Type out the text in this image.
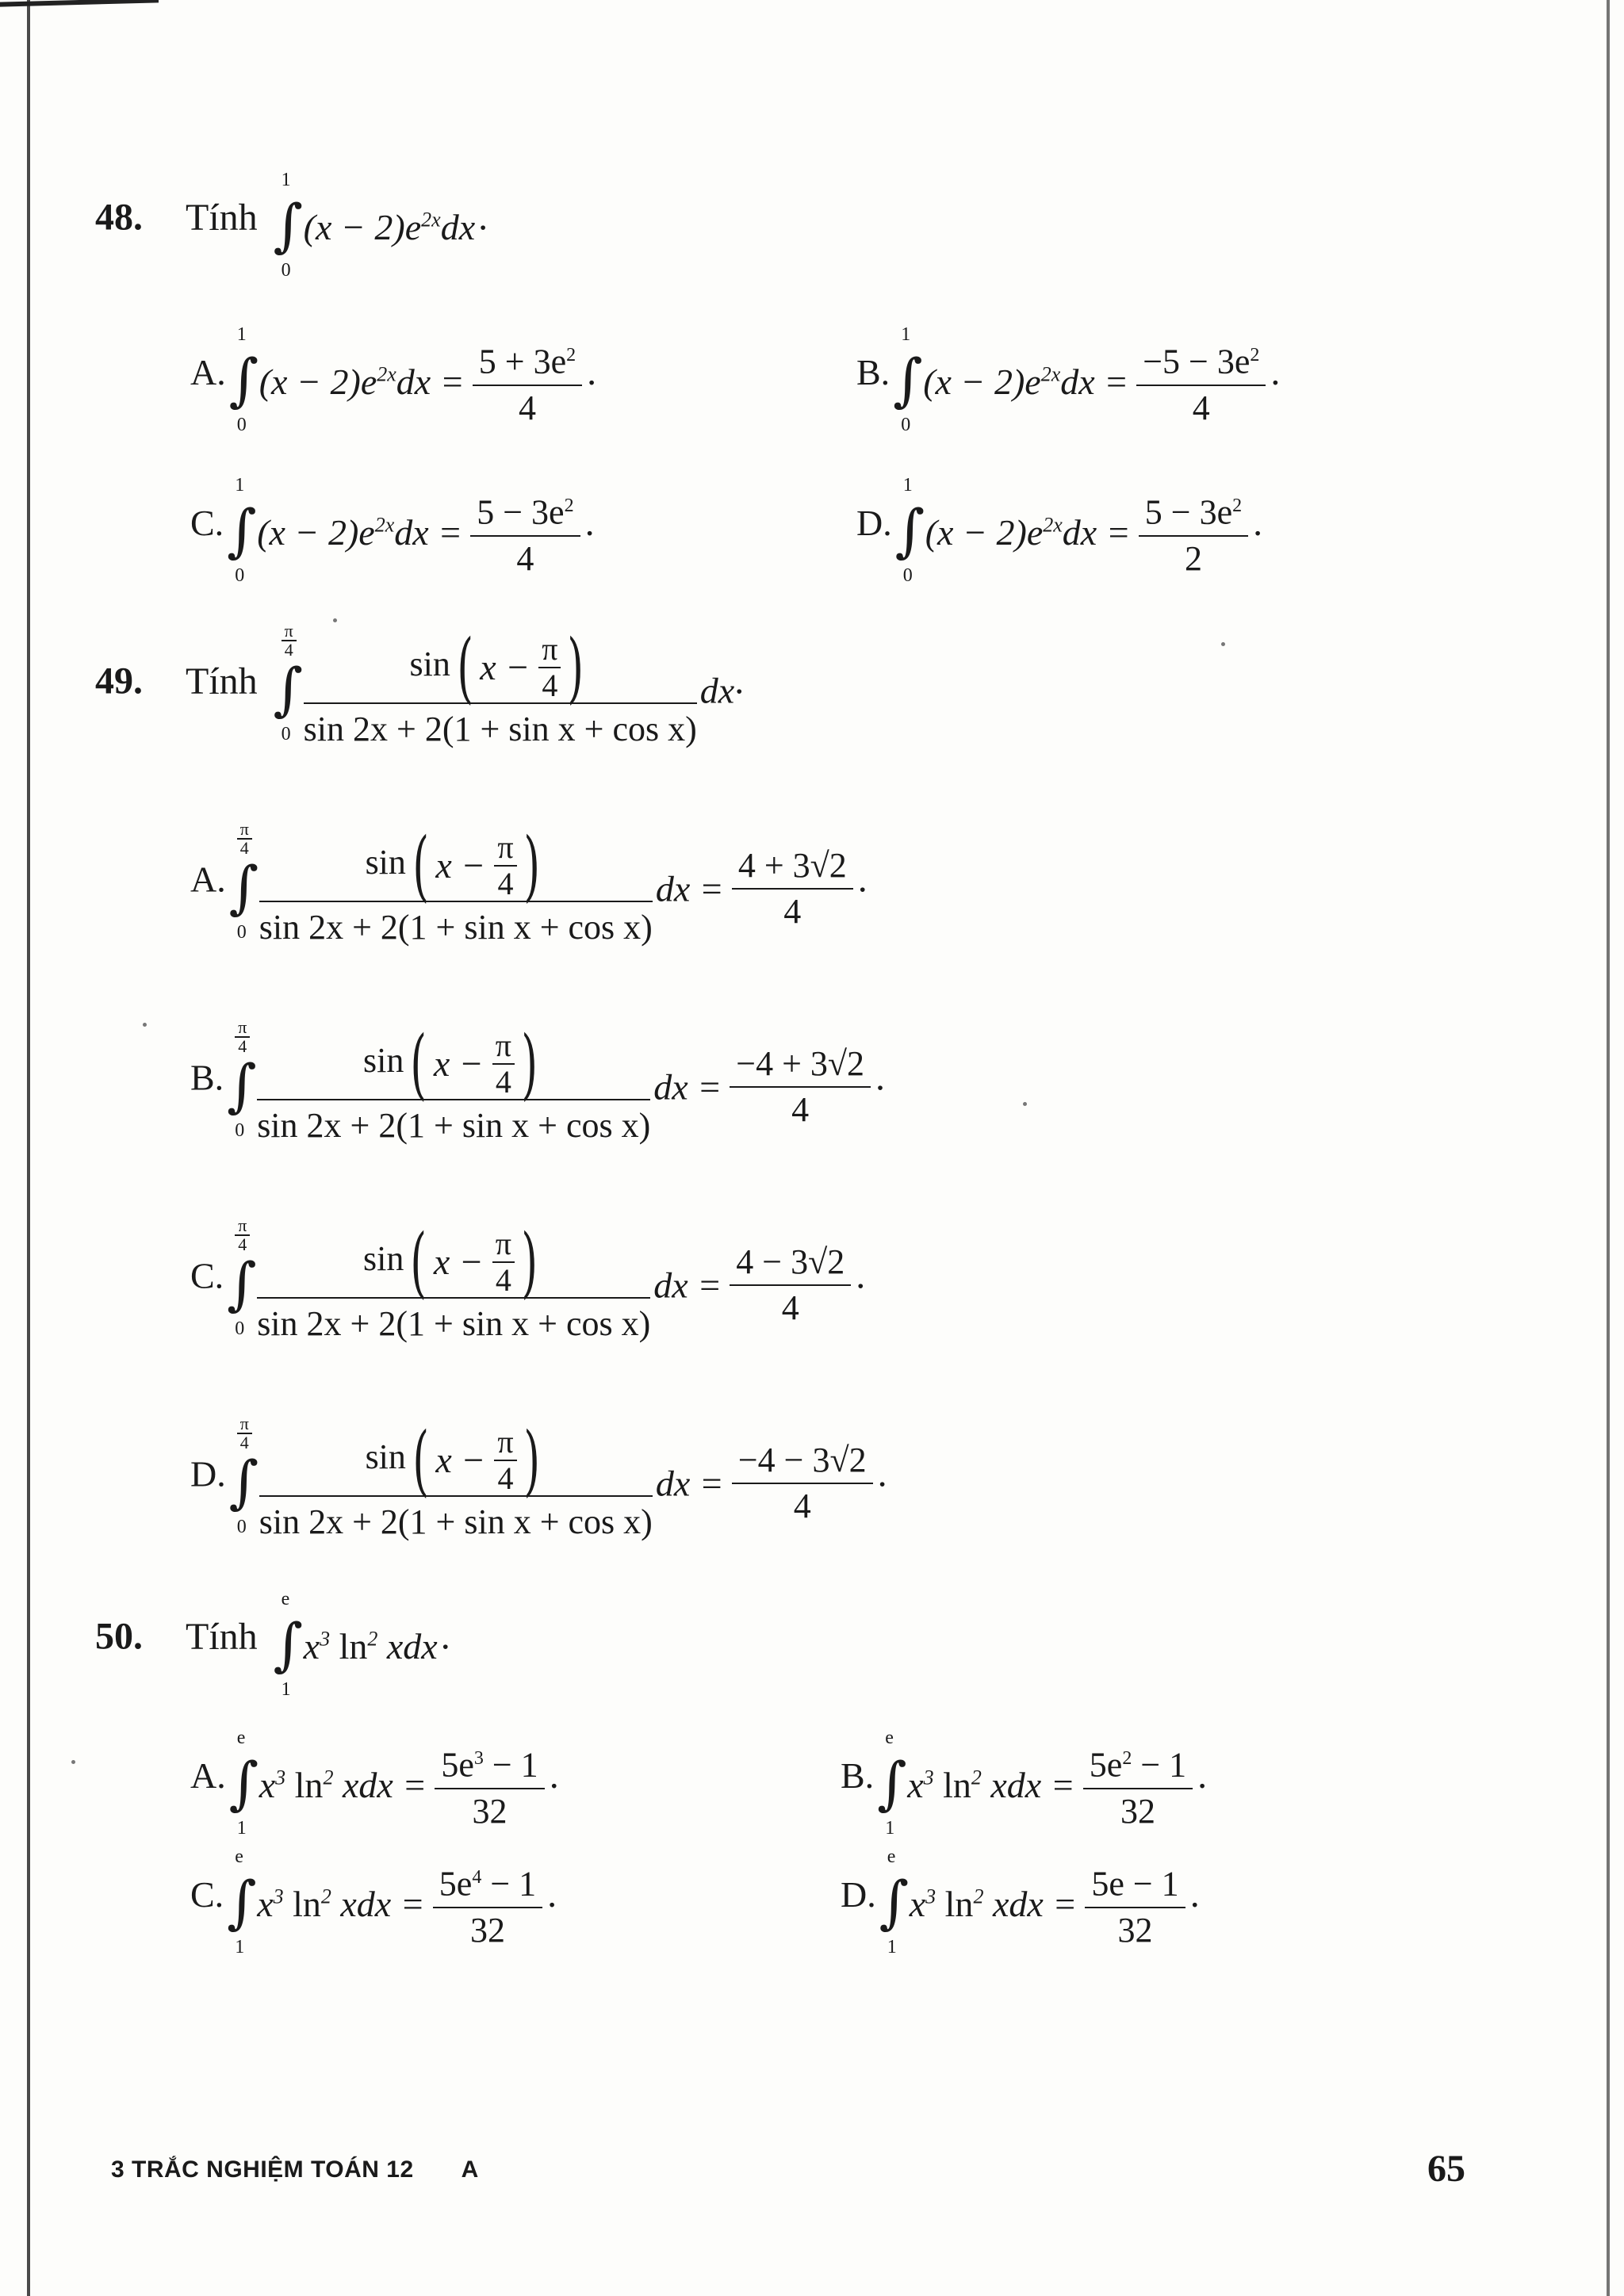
48. Tính ∫
1
0
$(x - 2)e^{2x}dx$ .
A. ∫
1
0
$(x - 2)e^{2x}dx = \frac{5 + 3e^2}{4}$ .	B. ∫
1
0
$(x - 2)e^{2x}dx = \frac{-5 - 3e^2}{4}$ .
C. ∫
1
0
$(x - 2)e^{2x}dx = \frac{5 - 3e^2}{4}$ .	D. ∫
1
0
$(x - 2)e^{2x}dx = \frac{5 - 3e^2}{2}$ .
49. Tính ∫
$\frac{\pi}{4}$
0
$\frac{\sin( x - \frac{\pi}{4} )}{\text{sin 2x + 2(1 + sin x + cos x)}}$ dx.
A. ∫
$\frac{\pi}{4}$
0
$\frac{\sin( x - \frac{\pi}{4} )}{\text{sin 2x + 2(1 + sin x + cos x)}}$ dx = $\frac{4 + 3√2}{4}$ .
B. ∫
$\frac{\pi}{4}$
0
$\frac{\sin( x - \frac{\pi}{4} )}{\text{sin 2x + 2(1 + sin x + cos x)}}$ dx = $\frac{-4 + 3√2}{4}$ .
C. ∫
$\frac{\pi}{4}$
0
$\frac{\sin( x - \frac{\pi}{4} )}{\text{sin 2x + 2(1 + sin x + cos x)}}$ dx = $\frac{4 - 3√2}{4}$ .
D. ∫
$\frac{\pi}{4}$
0
$\frac{\sin( x - \frac{\pi}{4} )}{\text{sin 2x + 2(1 + sin x + cos x)}}$ dx = $\frac{-4 - 3√2}{4}$ .
50. Tính ∫
e
1
$x^3$ $\ln^2$ xdx .
A. ∫
e
1
$x^3$ $\ln^2$ xdx = $\frac{5e^3 - 1}{32}$ .	B. ∫
e
1
$x^3$ $\ln^2$ xdx = $\frac{5e^2 - 1}{32}$ .
C. ∫
e
1
$x^3$ $\ln^2$ xdx = $\frac{5e^4 - 1}{32}$ .	D. ∫
e
1
$x^3$ $\ln^2$ xdx = $\frac{5e - 1}{32}$ .
3 TRẮC NGHIỆM TOÁN 12 A	65
